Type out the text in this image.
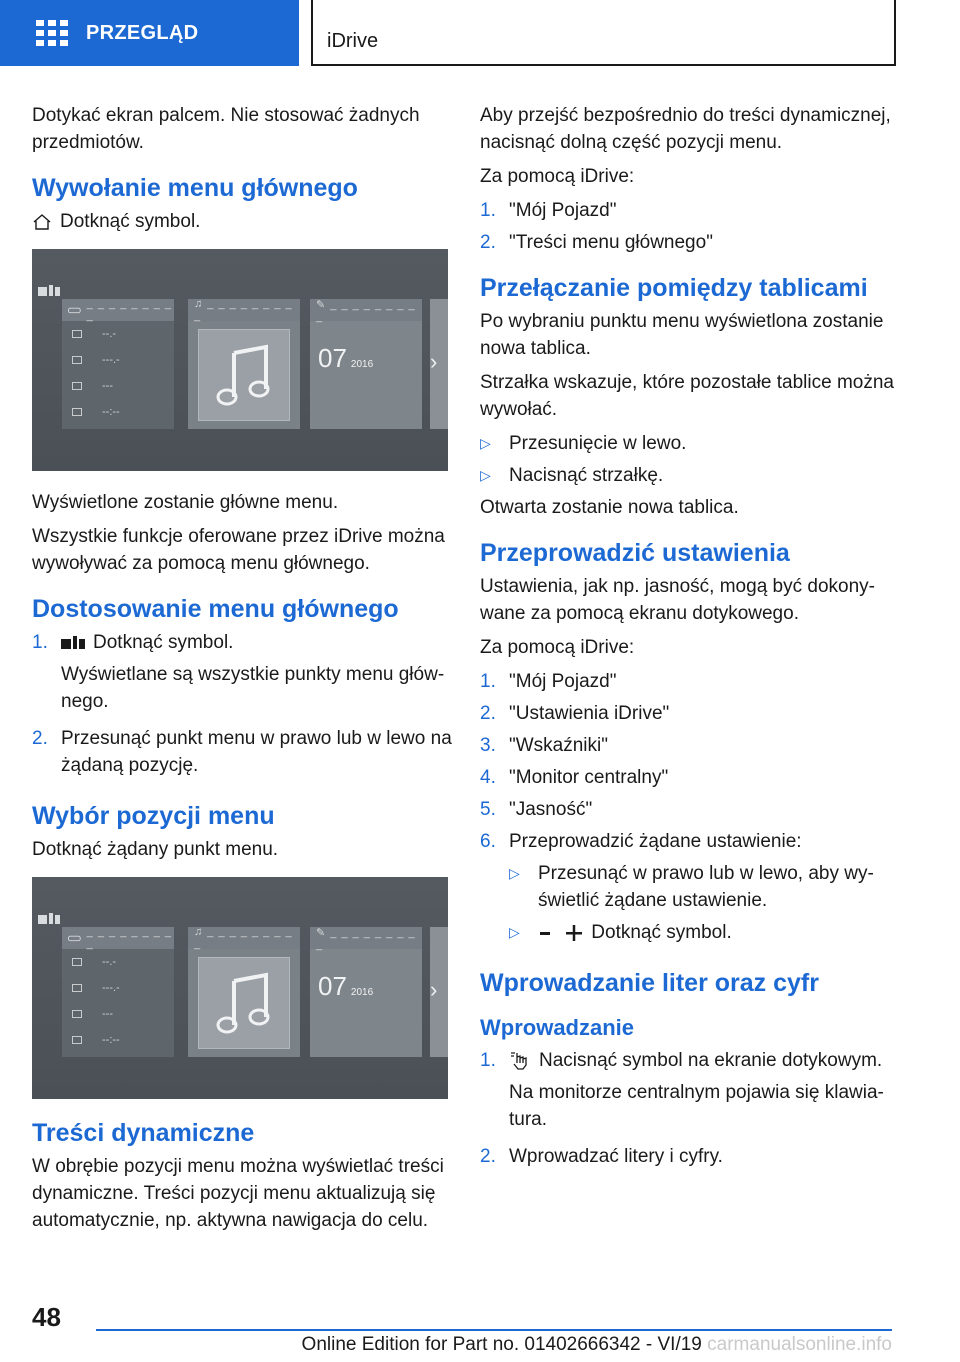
PRZEGLĄD	iDrive

Dotykać ekran palcem. Nie stosować żadnych przedmiotów.

Wywołanie menu głównego

Dotknąć symbol.

_ _ _ _ _ _ _ _ _
--.-
---.-
---
--:--
♫ _ _ _ _ _ _ _ _ _
✎ _ _ _ _ _ _ _ _ _
07 2016	›

Wyświetlone zostanie główne menu.

Wszystkie funkcje oferowane przez iDrive można wywoływać za pomocą menu głównego.

Dostosowanie menu głównego
1.	Dotknąć symbol.

Wyświetlane są wszystkie punkty menu głównego.

2. Przesunąć punkt menu w prawo lub w lewo na żądaną pozycję.

Wybór pozycji menu

Dotknąć żądany punkt menu.

_ _ _ _ _ _ _ _ _
--.-
---.-
---
--:--
♫ _ _ _ _ _ _ _ _ _
✎ _ _ _ _ _ _ _ _ _
07 2016	›
Treści dynamiczne

W obrębie pozycji menu można wyświetlać treści dynamiczne. Treści pozycji menu aktualizują się automatycznie, np. aktywna nawigacja do celu.

Aby przejść bezpośrednio do treści dynamicznej, nacisnąć dolną część pozycji menu.

Za pomocą iDrive:

1. "Mój Pojazd"
2. "Treści menu głównego"
Przełączanie pomiędzy tablicami

Po wybraniu punktu menu wyświetlona zostanie nowa tablica.

Strzałka wskazuje, które pozostałe tablice można wywołać.

▷ Przesunięcie w lewo.
▷ Nacisnąć strzałkę.

Otwarta zostanie nowa tablica.

Przeprowadzić ustawienia

Ustawienia, jak np. jasność, mogą być dokonywane za pomocą ekranu dotykowego.

Za pomocą iDrive:

1. "Mój Pojazd"
2. "Ustawienia iDrive"
3. "Wskaźniki"
4. "Monitor centralny"
5. "Jasność"
6. Przeprowadzić żądane ustawienie:

▷ Przesunąć w prawo lub w lewo, aby wyświetlić żądane ustawienie.
▷	Dotknąć symbol.
Wprowadzanie liter oraz cyfr
Wprowadzanie
1.	Nacisnąć symbol na ekranie dotykowym.

Na monitorze centralnym pojawia się klawiatura.

2. Wprowadzać litery i cyfry.
48
Online Edition for Part no. 01402666342 - VI/19 carmanualsonline.info
